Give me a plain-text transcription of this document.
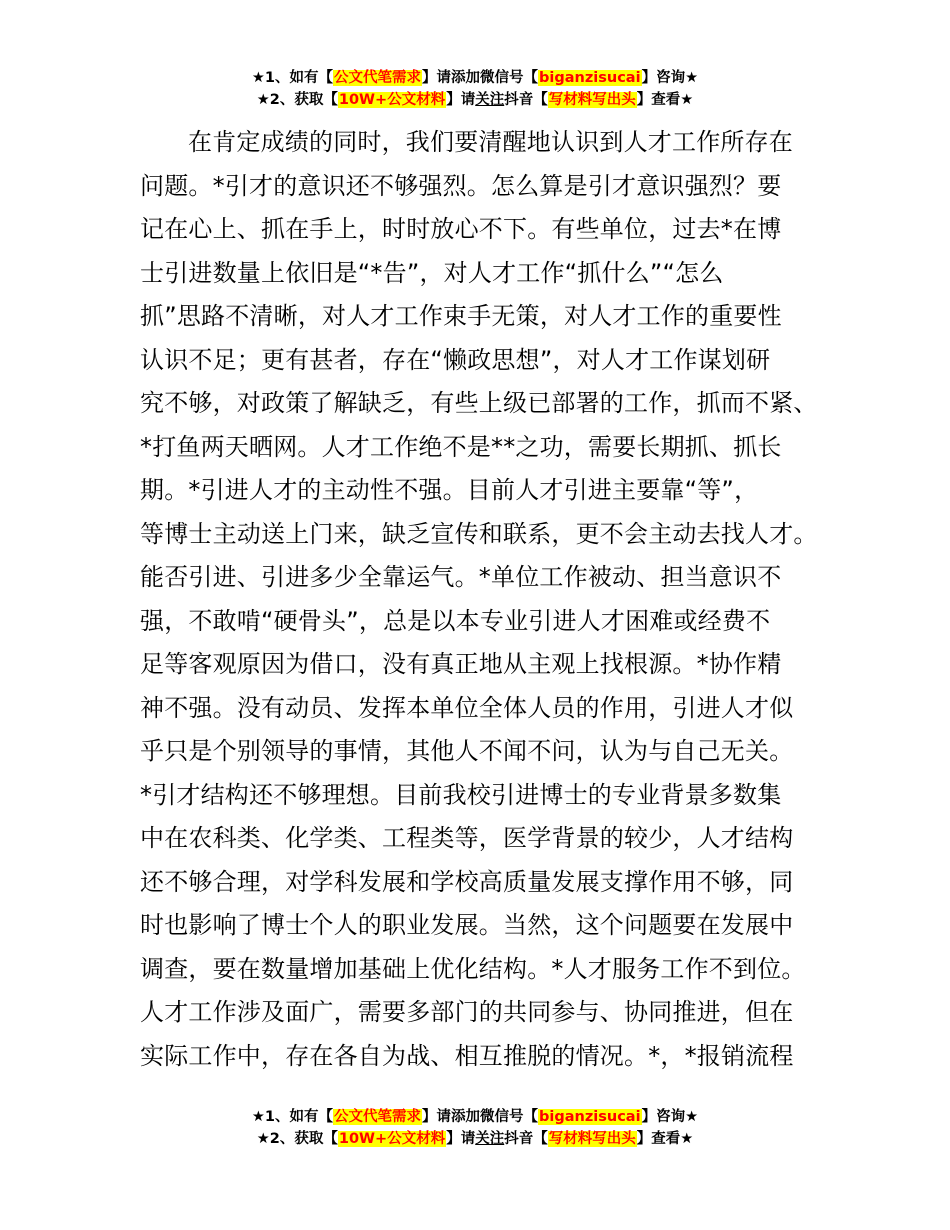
★1、如有【公文代笔需求】请添加微信号【biganzisucai】咨询★
★2、获取【10W+公文材料】请关注抖音【写材料写出头】查看★
在肯定成绩的同时，我们要清醒地认识到人才工作所存在
问题。*引才的意识还不够强烈。怎么算是引才意识强烈？要
记在心上、抓在手上，时时放心不下。有些单位，过去*在博
士引进数量上依旧是“*告”，对人才工作“抓什么”“怎么
抓”思路不清晰，对人才工作束手无策，对人才工作的重要性
认识不足；更有甚者，存在“懒政思想”，对人才工作谋划研
究不够，对政策了解缺乏，有些上级已部署的工作，抓而不紧、
*打鱼两天晒网。人才工作绝不是**之功，需要长期抓、抓长
期。*引进人才的主动性不强。目前人才引进主要靠“等”，
等博士主动送上门来，缺乏宣传和联系，更不会主动去找人才。
能否引进、引进多少全靠运气。*单位工作被动、担当意识不
强，不敢啃“硬骨头”，总是以本专业引进人才困难或经费不
足等客观原因为借口，没有真正地从主观上找根源。*协作精
神不强。没有动员、发挥本单位全体人员的作用，引进人才似
乎只是个别领导的事情，其他人不闻不问，认为与自己无关。
*引才结构还不够理想。目前我校引进博士的专业背景多数集
中在农科类、化学类、工程类等，医学背景的较少，人才结构
还不够合理，对学科发展和学校高质量发展支撑作用不够，同
时也影响了博士个人的职业发展。当然，这个问题要在发展中
调查，要在数量增加基础上优化结构。*人才服务工作不到位。
人才工作涉及面广，需要多部门的共同参与、协同推进，但在
实际工作中，存在各自为战、相互推脱的情况。*，*报销流程
★1、如有【公文代笔需求】请添加微信号【biganzisucai】咨询★
★2、获取【10W+公文材料】请关注抖音【写材料写出头】查看★
